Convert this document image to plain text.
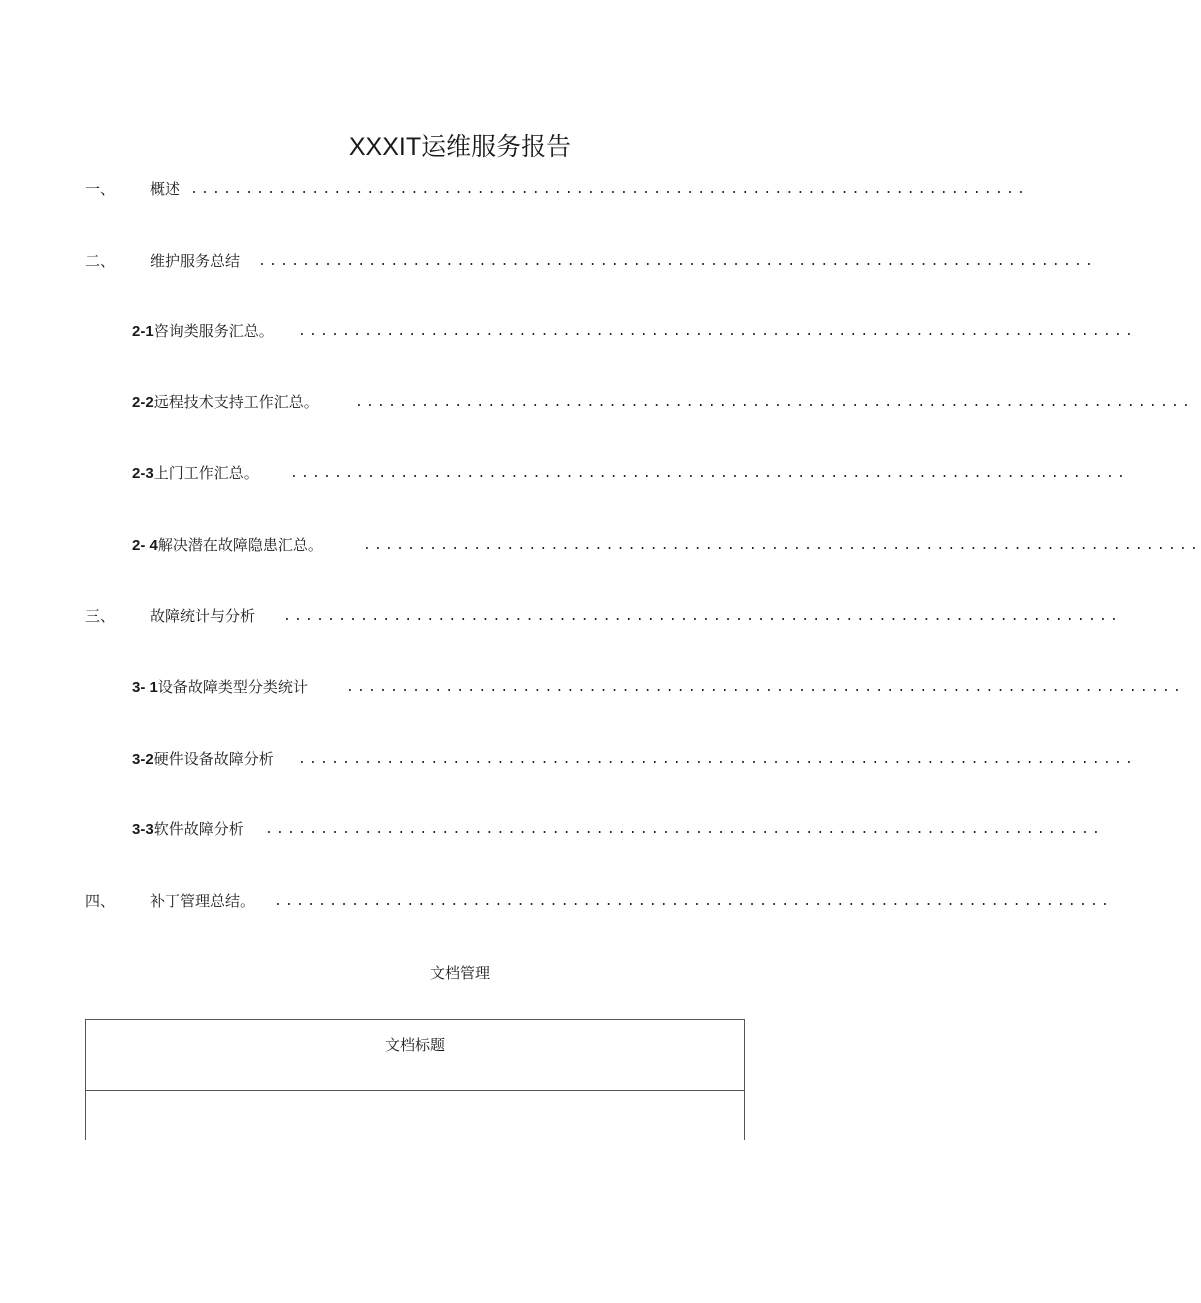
XXXIT运维服务报告
一、 概述 ............................................................................
二、 维护服务总结 ............................................................................
2-1咨询类服务汇总。 ............................................................................
2-2远程技术支持工作汇总。	............................................................................
2-3上门工作汇总。 ............................................................................
2- 4解决潜在故障隐患汇总。	............................................................................
三、 故障统计与分析 ............................................................................
3- 1设备故障类型分类统计	............................................................................
3-2硬件设备故障分析 ............................................................................
3-3软件故障分析 ............................................................................
四、 补丁管理总结。 ............................................................................
文档管理
文档标题
